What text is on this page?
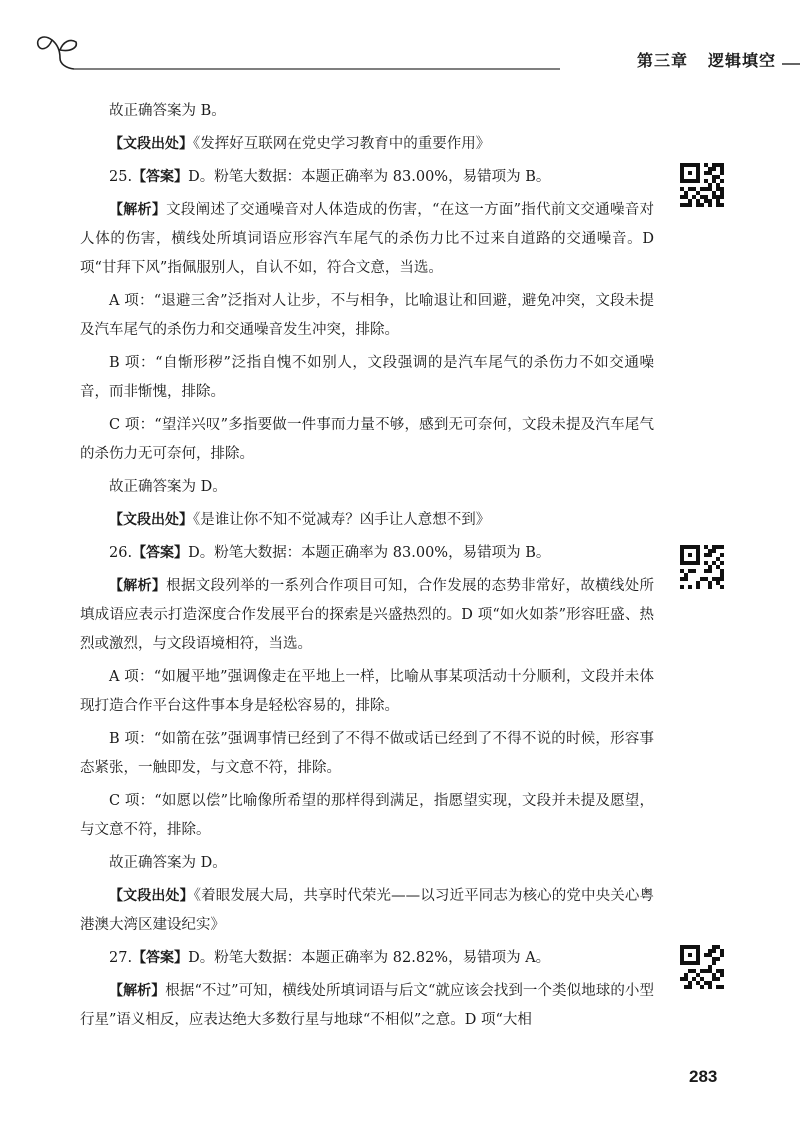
第三章 逻辑填空

故正确答案为 B。

【文段出处】《发挥好互联网在党史学习教育中的重要作用》

25.【答案】D。粉笔大数据：本题正确率为 83.00%，易错项为 B。

【解析】文段阐述了交通噪音对人体造成的伤害，“在这一方面”指代前文交通噪音对人体的伤害，横线处所填词语应形容汽车尾气的杀伤力比不过来自道路的交通噪音。D 项“甘拜下风”指佩服别人，自认不如，符合文意，当选。

A 项：“退避三舍”泛指对人让步，不与相争，比喻退让和回避，避免冲突，文段未提及汽车尾气的杀伤力和交通噪音发生冲突，排除。

B 项：“自惭形秽”泛指自愧不如别人，文段强调的是汽车尾气的杀伤力不如交通噪音，而非惭愧，排除。

C 项：“望洋兴叹”多指要做一件事而力量不够，感到无可奈何，文段未提及汽车尾气的杀伤力无可奈何，排除。

故正确答案为 D。

【文段出处】《是谁让你不知不觉减寿？凶手让人意想不到》

26.【答案】D。粉笔大数据：本题正确率为 83.00%，易错项为 B。

【解析】根据文段列举的一系列合作项目可知，合作发展的态势非常好，故横线处所填成语应表示打造深度合作发展平台的探索是兴盛热烈的。D 项“如火如荼”形容旺盛、热烈或激烈，与文段语境相符，当选。

A 项：“如履平地”强调像走在平地上一样，比喻从事某项活动十分顺利，文段并未体现打造合作平台这件事本身是轻松容易的，排除。

B 项：“如箭在弦”强调事情已经到了不得不做或话已经到了不得不说的时候，形容事态紧张，一触即发，与文意不符，排除。

C 项：“如愿以偿”比喻像所希望的那样得到满足，指愿望实现，文段并未提及愿望，与文意不符，排除。

故正确答案为 D。

【文段出处】《着眼发展大局，共享时代荣光——以习近平同志为核心的党中央关心粤港澳大湾区建设纪实》

27.【答案】D。粉笔大数据：本题正确率为 82.82%，易错项为 A。

【解析】根据“不过”可知，横线处所填词语与后文“就应该会找到一个类似地球的小型行星”语义相反，应表达绝大多数行星与地球“不相似”之意。D 项“大相

283
